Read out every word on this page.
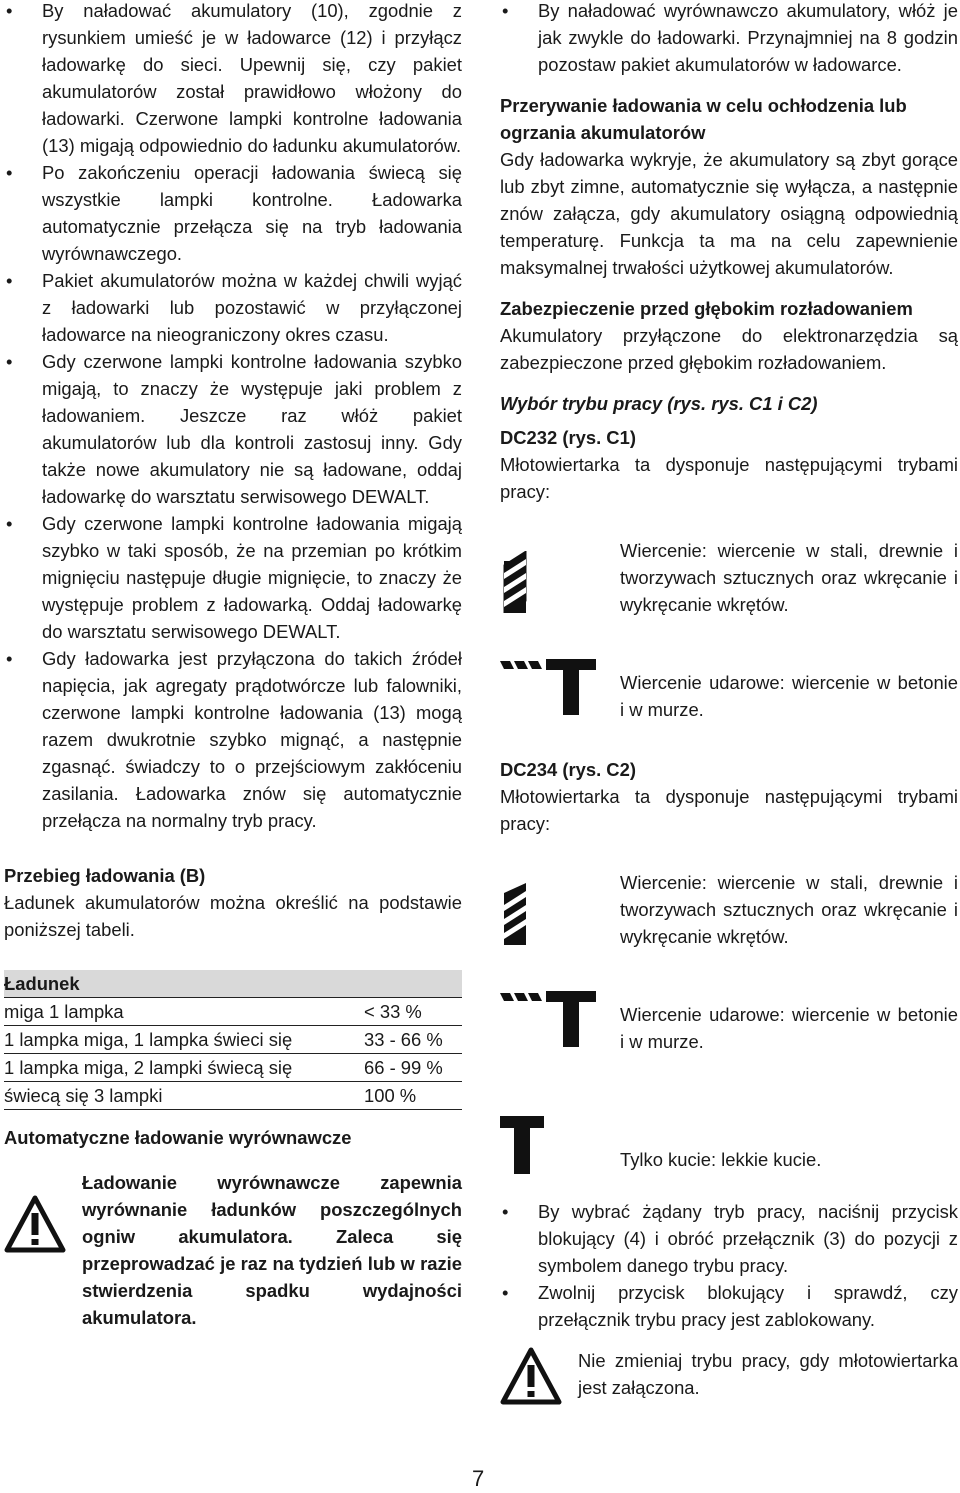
• By naładować akumulatory (10), zgodnie z rysunkiem umieść je w ładowarce (12) i przyłącz ładowarkę do sieci. Upewnij się, czy pakiet akumulatorów został prawidłowo włożony do ładowarki. Czerwone lampki kontrolne ładowania (13) migają odpowiednio do ładunku akumulatorów.
• Po zakończeniu operacji ładowania świecą się wszystkie lampki kontrolne. Ładowarka automatycznie przełącza się na tryb ładowania wyrównawczego.
• Pakiet akumulatorów można w każdej chwili wyjąć z ładowarki lub pozostawić w przyłączonej ładowarce na nieograniczony okres czasu.
• Gdy czerwone lampki kontrolne ładowania szybko migają, to znaczy że występuje jaki problem z ładowaniem. Jeszcze raz włóż pakiet akumulatorów lub dla kontroli zastosuj inny. Gdy także nowe akumulatory nie są ładowane, oddaj ładowarkę do warsztatu serwisowego DEWALT.
• Gdy czerwone lampki kontrolne ładowania migają szybko w taki sposób, że na przemian po krótkim mignięciu następuje długie mignięcie, to znaczy że występuje problem z ładowarką. Oddaj ładowarkę do warsztatu serwisowego DEWALT.
• Gdy ładowarka jest przyłączona do takich źródeł napięcia, jak agregaty prądotwórcze lub falowniki, czerwone lampki kontrolne ładowania (13) mogą razem dwukrotnie szybko mignąć, a następnie zgasnąć. świadczy to o przejściowym zakłóceniu zasilania. Ładowarka znów się automatycznie przełącza na normalny tryb pracy.

Przebieg ładowania (B)

Ładunek akumulatorów można określić na podstawie poniższej tabeli.

Ładunek	
miga 1 lampka	< 33 %
1 lampka miga, 1 lampka świeci się	33 - 66 %
1 lampka miga, 2 lampki świecą się	66 - 99 %
świecą się 3 lampki	100 %

Automatyczne ładowanie wyrównawcze

Ładowanie wyrównawcze zapewnia wyrównanie ładunków poszczególnych ogniw akumulatora. Zaleca się przeprowadzać je raz na tydzień lub w razie stwierdzenia spadku wydajności akumulatora.

• By naładować wyrównawczo akumulatory, włóż je jak zwykle do ładowarki. Przynajmniej na 8 godzin pozostaw pakiet akumulatorów w ładowarce.

Przerywanie ładowania w celu ochłodzenia lub ogrzania akumulatorów

Gdy ładowarka wykryje, że akumulatory są zbyt gorące lub zbyt zimne, automatycznie się wyłącza, a następnie znów załącza, gdy akumulatory osiągną odpowiednią temperaturę. Funkcja ta ma na celu zapewnienie maksymalnej trwałości użytkowej akumulatorów.

Zabezpieczenie przed głębokim rozładowaniem

Akumulatory przyłączone do elektronarzędzia są zabezpieczone przed głębokim rozładowaniem.

Wybór trybu pracy (rys. rys. C1 i C2)

DC232 (rys. C1)

Młotowiertarka ta dysponuje następującymi trybami pracy:

Wiercenie: wiercenie w stali, drewnie i tworzywach sztucznych oraz wkręcanie i wykręcanie wkrętów.

Wiercenie udarowe: wiercenie w betonie i w murze.

DC234 (rys. C2)

Młotowiertarka ta dysponuje następującymi trybami pracy:

Wiercenie: wiercenie w stali, drewnie i tworzywach sztucznych oraz wkręcanie i wykręcanie wkrętów.

Wiercenie udarowe: wiercenie w betonie i w murze.

Tylko kucie: lekkie kucie.

• By wybrać żądany tryb pracy, naciśnij przycisk blokujący (4) i obróć przełącznik (3) do pozycji z symbolem danego trybu pracy.
• Zwolnij przycisk blokujący i sprawdź, czy przełącznik trybu pracy jest zablokowany.

Nie zmieniaj trybu pracy, gdy młotowiertarka jest załączona.

7
